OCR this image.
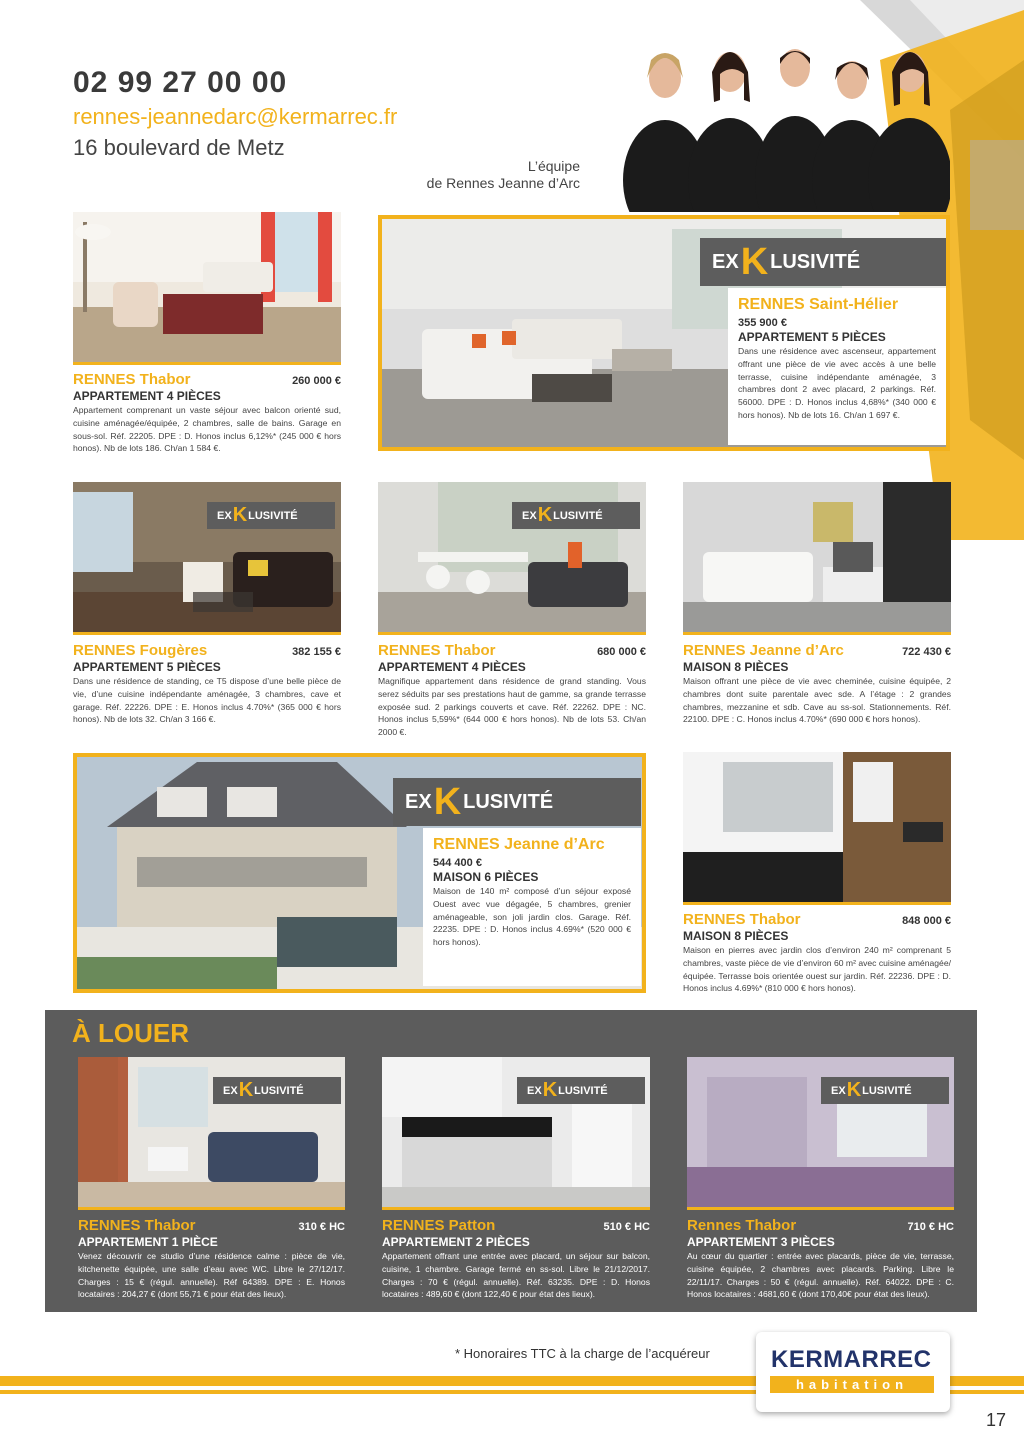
02 99 27 00 00
rennes-jeannedarc@kermarrec.fr
16 boulevard de Metz
L’équipe
de Rennes Jeanne d’Arc
RENNES Thabor	260 000 €
APPARTEMENT 4 PIÈCES
Appartement comprenant un vaste séjour avec balcon orienté sud, cuisine aménagée/équipée, 2 chambres, salle de bains. Garage en sous-sol. Réf. 22205. DPE : D. Honos inclus 6,12%* (245 000 € hors honos). Nb de lots 186. Ch/an 1 584 €.
EX K LUSIVITÉ
RENNES Saint-Hélier
355 900 €
APPARTEMENT 5 PIÈCES
Dans une résidence avec ascenseur, appartement offrant une pièce de vie avec accès à une belle terrasse, cuisine indépendante aménagée, 3 chambres dont 2 avec placard, 2 parkings. Réf. 56000. DPE : D. Honos inclus 4,68%* (340 000 € hors honos). Nb de lots 16. Ch/an 1 697 €.
EX K LUSIVITÉ
RENNES Fougères	382 155 €
APPARTEMENT 5 PIÈCES
Dans une résidence de standing, ce T5 dispose d’une belle pièce de vie, d’une cuisine indépendante aménagée, 3 chambres, cave et garage. Réf. 22226. DPE : E. Honos inclus 4.70%* (365 000 € hors honos). Nb de lots 32. Ch/an 3 166 €.
EX K LUSIVITÉ
RENNES Thabor	680 000 €
APPARTEMENT 4 PIÈCES
Magnifique appartement dans résidence de grand standing. Vous serez séduits par ses prestations haut de gamme, sa grande terrasse exposée sud. 2 parkings couverts et cave. Réf. 22262. DPE : NC. Honos inclus 5,59%* (644 000 € hors honos). Nb de lots 53. Ch/an 2000 €.
RENNES Jeanne d’Arc	722 430 €
MAISON 8 PIÈCES
Maison offrant une pièce de vie avec cheminée, cuisine équipée, 2 chambres dont suite parentale avec sde. A l’étage : 2 grandes chambres, mezzanine et sdb. Cave au ss-sol. Stationnements. Réf. 22100. DPE : C. Honos inclus 4.70%* (690 000 € hors honos).
EX K LUSIVITÉ
RENNES Jeanne d’Arc
544 400 €
MAISON 6 PIÈCES
Maison de 140 m² composé d’un séjour exposé Ouest avec vue dégagée, 5 chambres, grenier aménageable, son joli jardin clos. Garage. Réf. 22235. DPE : D. Honos inclus 4.69%* (520 000 € hors honos).
RENNES Thabor	848 000 €
MAISON 8 PIÈCES
Maison en pierres avec jardin clos d’environ 240 m² comprenant 5 chambres, vaste pièce de vie d’environ 60 m² avec cuisine aménagée/équipée. Terrasse bois orientée ouest sur jardin. Réf. 22236. DPE : D. Honos inclus 4.69%* (810 000 € hors honos).
À LOUER
EX K LUSIVITÉ
RENNES Thabor	310 € HC
APPARTEMENT 1 PIÈCE
Venez découvrir ce studio d’une résidence calme : pièce de vie, kitchenette équipée, une salle d’eau avec WC. Libre le 27/12/17. Charges : 15 € (régul. annuelle). Réf 64389. DPE : E. Honos locataires : 204,27 € (dont 55,71 € pour état des lieux).
EX K LUSIVITÉ
RENNES Patton	510 € HC
APPARTEMENT 2 PIÈCES
Appartement offrant une entrée avec placard, un séjour sur balcon, cuisine, 1 chambre. Garage fermé en ss-sol. Libre le 21/12/2017. Charges : 70 € (régul. annuelle). Réf. 63235. DPE : D. Honos locataires : 489,60 € (dont 122,40 € pour état des lieux).
EX K LUSIVITÉ
Rennes Thabor	710 € HC
APPARTEMENT 3 PIÈCES
Au cœur du quartier : entrée avec placards, pièce de vie, terrasse, cuisine équipée, 2 chambres avec placards. Parking. Libre le 22/11/17. Charges : 50 € (régul. annuelle). Réf. 64022. DPE : C. Honos locataires : 4681,60 € (dont 170,40€ pour état des lieux).
* Honoraires TTC à la charge de l’acquéreur	KERMARREC
habitation
17
